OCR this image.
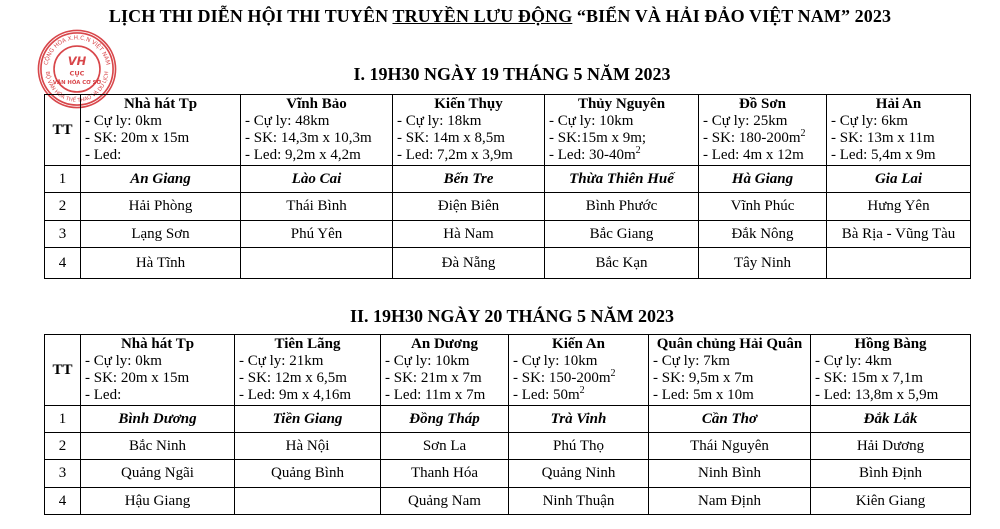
LỊCH THI DIỄN HỘI THI TUYÊN TRUYỀN LƯU ĐỘNG “BIỂN VÀ HẢI ĐẢO VIỆT NAM” 2023
CỘNG HÒA X.H.C.N VIỆT NAM
BỘ VĂN HÓA THỂ THAO VÀ DU LỊCH
VH
CỤC
VĂN HÓA CƠ SỞ	I. 19H30 NGÀY 19 THÁNG 5 NĂM 2023
II. 19H30 NGÀY 20 THÁNG 5 NĂM 2023
TT	Nhà hát Tp
- Cự ly: 0km
- SK: 20m x 15m
- Led:	Vĩnh Bảo
- Cự ly: 48km
- SK: 14,3m x 10,3m
- Led: 9,2m x 4,2m	Kiến Thụy
- Cự ly: 18km
- SK: 14m x 8,5m
- Led: 7,2m x 3,9m	Thủy Nguyên
- Cự ly: 10km
- SK:15m x 9m;
- Led: $30-40m^2$	Đồ Sơn
- Cự ly: 25km
- SK: $180-200m^2$
- Led: 4m x 12m	Hải An
- Cự ly: 6km
- SK: 13m x 11m
- Led: 5,4m x 9m

1	An Giang	Lào Cai	Bến Tre	Thừa Thiên Huế	Hà Giang	Gia Lai
2	Hải Phòng	Thái Bình	Điện Biên	Bình Phước	Vĩnh Phúc	Hưng Yên
3	Lạng Sơn	Phú Yên	Hà Nam	Bắc Giang	Đắk Nông	Bà Rịa - Vũng Tàu
4	Hà Tĩnh		Đà Nẵng	Bắc Kạn	Tây Ninh	
TT	Nhà hát Tp
- Cự ly: 0km
- SK: 20m x 15m
- Led:	Tiên Lãng
- Cự ly: 21km
- SK: 12m x 6,5m
- Led: 9m x 4,16m	An Dương
- Cự ly: 10km
- SK: 21m x 7m
- Led: 11m x 7m	Kiến An
- Cự ly: 10km
- SK: $150-200m^2$
- Led: $50m^2$	Quân chủng Hải Quân
- Cự ly: 7km
- SK: 9,5m x 7m
- Led: 5m x 10m	Hồng Bàng
- Cự ly: 4km
- SK: 15m x 7,1m
- Led: 13,8m x 5,9m

1	Bình Dương	Tiền Giang	Đồng Tháp	Trà Vinh	Cần Thơ	Đắk Lắk
2	Bắc Ninh	Hà Nội	Sơn La	Phú Thọ	Thái Nguyên	Hải Dương
3	Quảng Ngãi	Quảng Bình	Thanh Hóa	Quảng Ninh	Ninh Bình	Bình Định
4	Hậu Giang		Quảng Nam	Ninh Thuận	Nam Định	Kiên Giang
